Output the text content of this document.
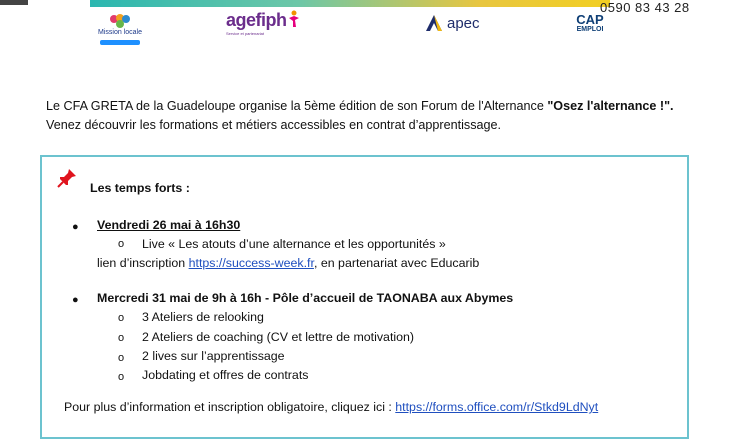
0590 83 43 28
Mission locale
agefiph
Service et partenariat
apec	CAP
EMPLOI
Le CFA GRETA de la Guadeloupe organise la 5ème édition de son Forum de l'Alternance "Osez l'alternance !".
Venez découvrir les formations et métiers accessibles en contrat d’apprentissage.
Les temps forts :
● Vendredi 26 mai à 16h30
o Live « Les atouts d’une alternance et les opportunités »
lien d’inscription https://success-week.fr, en partenariat avec Educarib
● Mercredi 31 mai de 9h à 16h - Pôle d’accueil de TAONABA aux Abymes
o 3 Ateliers de relooking
o 2 Ateliers de coaching (CV et lettre de motivation)
o 2 lives sur l’apprentissage
o Jobdating et offres de contrats
Pour plus d’information et inscription obligatoire, cliquez ici : https://forms.office.com/r/Stkd9LdNyt
